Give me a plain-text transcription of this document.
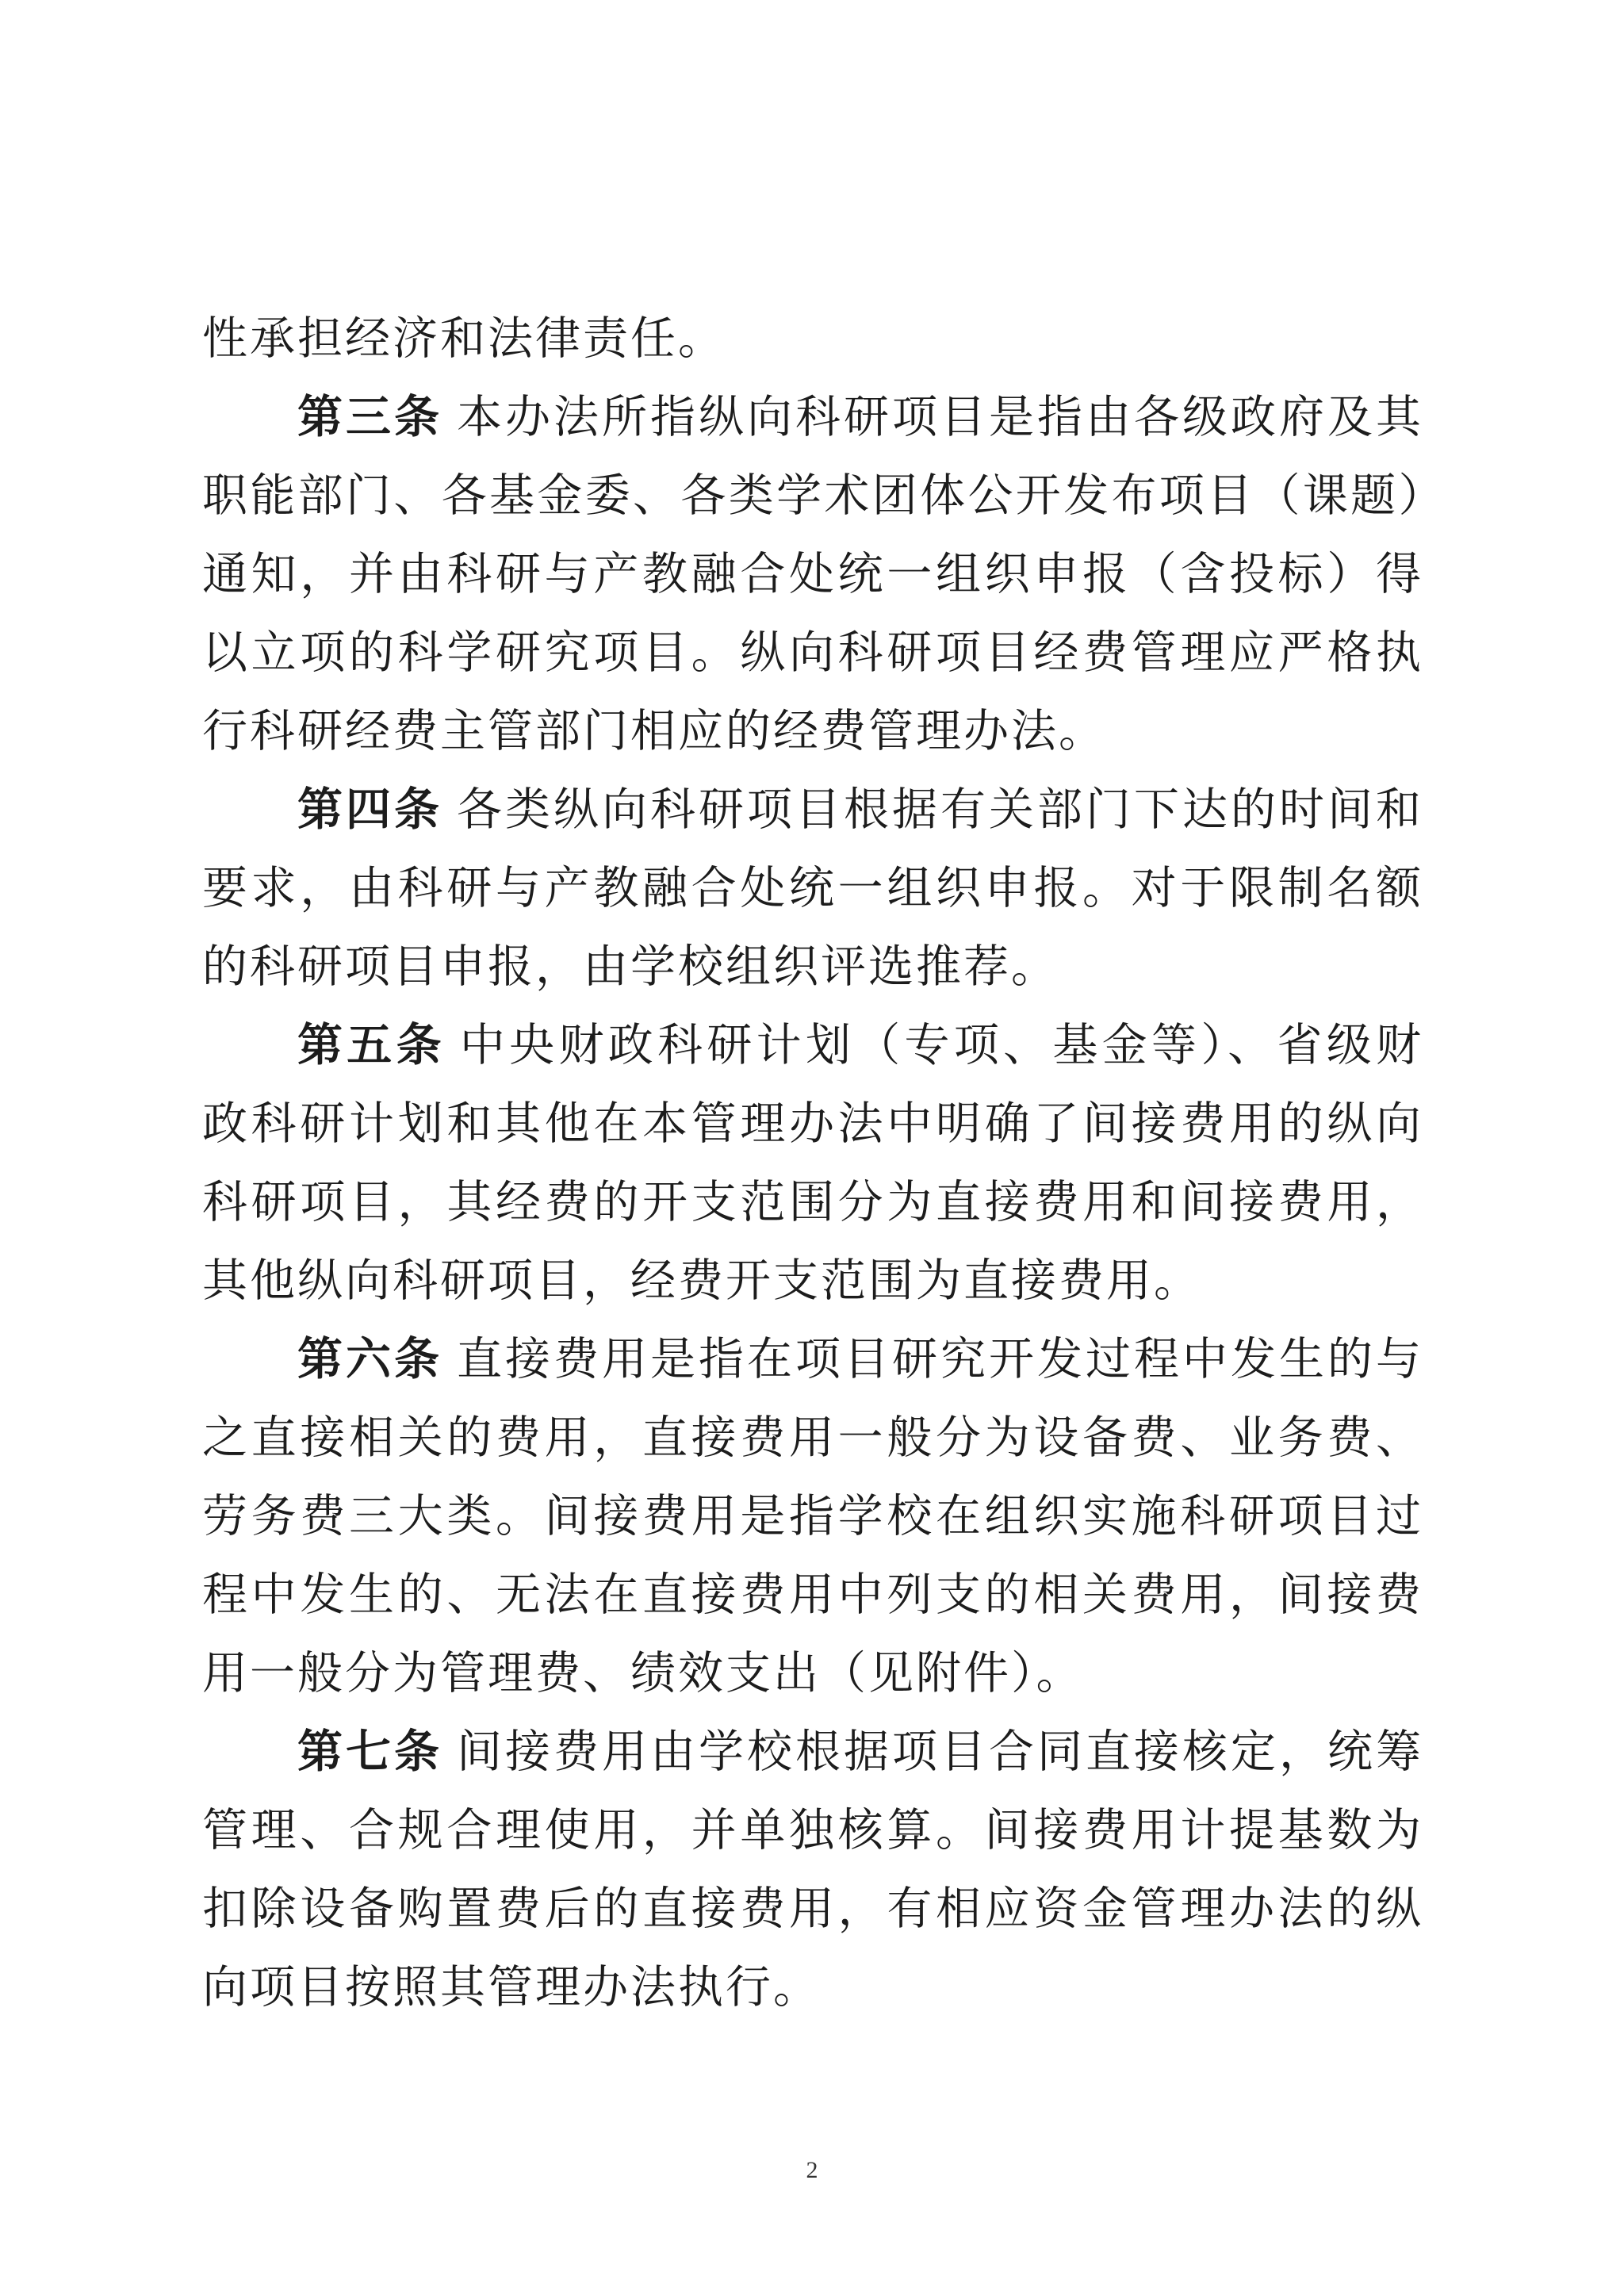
性承担经济和法律责任。

第三条 本办法所指纵向科研项目是指由各级政府及其职能部门、各基金委、各类学术团体公开发布项目（课题）通知，并由科研与产教融合处统一组织申报（含投标）得以立项的科学研究项目。纵向科研项目经费管理应严格执行科研经费主管部门相应的经费管理办法。

第四条 各类纵向科研项目根据有关部门下达的时间和要求，由科研与产教融合处统一组织申报。对于限制名额的科研项目申报，由学校组织评选推荐。

第五条 中央财政科研计划（专项、基金等）、省级财政科研计划和其他在本管理办法中明确了间接费用的纵向科研项目，其经费的开支范围分为直接费用和间接费用，其他纵向科研项目，经费开支范围为直接费用。

第六条 直接费用是指在项目研究开发过程中发生的与之直接相关的费用，直接费用一般分为设备费、业务费、劳务费三大类。间接费用是指学校在组织实施科研项目过程中发生的、无法在直接费用中列支的相关费用，间接费用一般分为管理费、绩效支出（见附件）。

第七条 间接费用由学校根据项目合同直接核定，统筹管理、合规合理使用，并单独核算。间接费用计提基数为扣除设备购置费后的直接费用，有相应资金管理办法的纵向项目按照其管理办法执行。

2
